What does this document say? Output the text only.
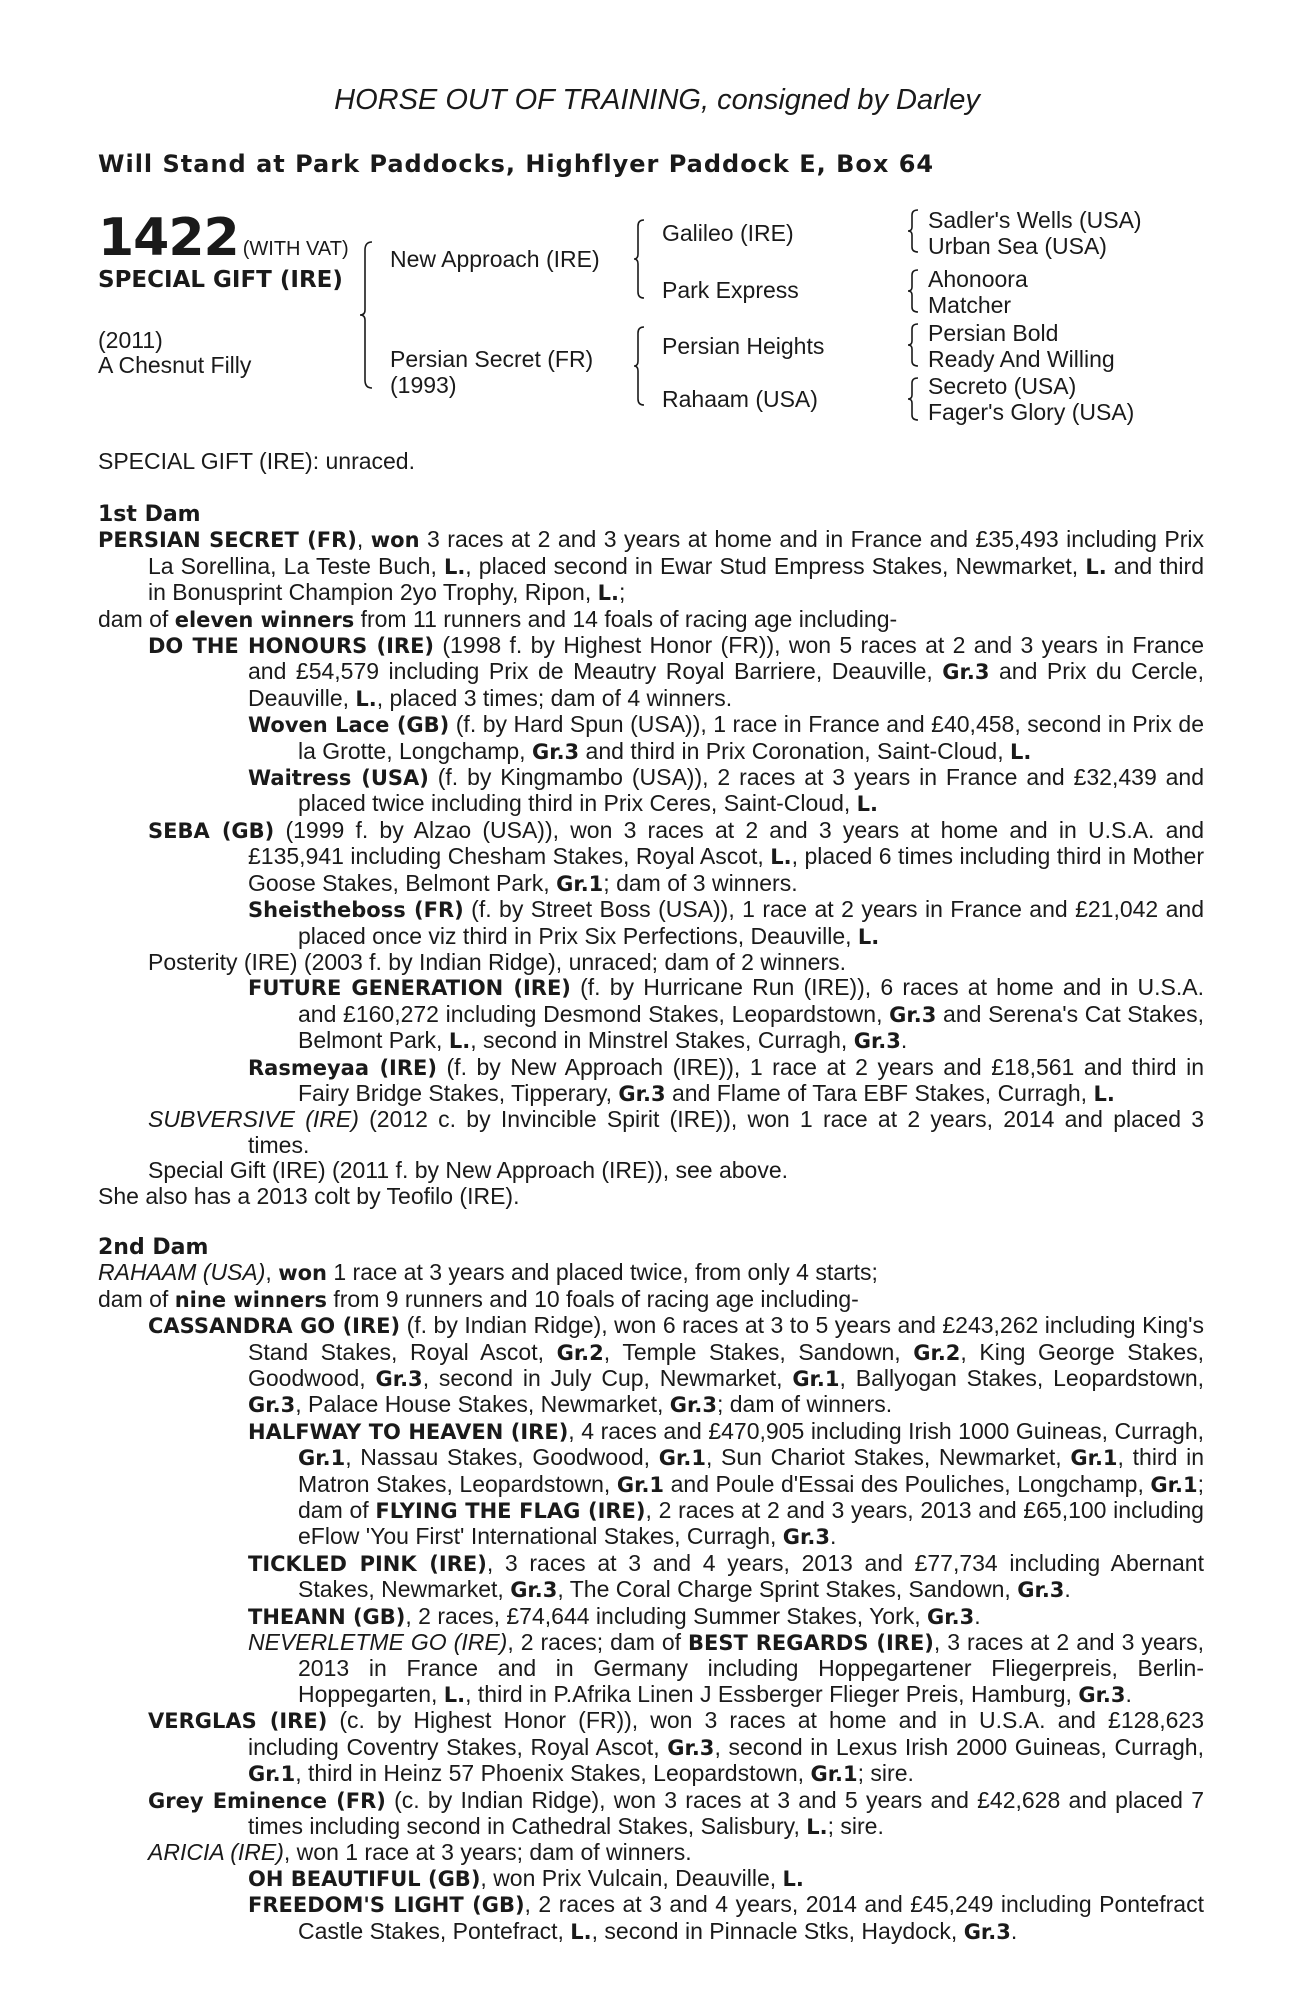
HORSE OUT OF TRAINING, consigned by Darley
Will Stand at Park Paddocks, Highflyer Paddock E, Box 64
1422 (WITH VAT)
SPECIAL GIFT (IRE)
(2011)
A Chesnut Filly
New Approach (IRE)
Persian Secret (FR)
(1993)
Galileo (IRE)
Park Express
Persian Heights
Rahaam (USA)
Sadler's Wells (USA)
Urban Sea (USA)
Ahonoora
Matcher
Persian Bold
Ready And Willing
Secreto (USA)
Fager's Glory (USA)
SPECIAL GIFT (IRE): unraced.
1st Dam
PERSIAN SECRET (FR), won 3 races at 2 and 3 years at home and in France and £35,493 including Prix La Sorellina, La Teste Buch, L., placed second in Ewar Stud Empress Stakes, Newmarket, L. and third in Bonusprint Champion 2yo Trophy, Ripon, L.;
dam of eleven winners from 11 runners and 14 foals of racing age including-
DO THE HONOURS (IRE) (1998 f. by Highest Honor (FR)), won 5 races at 2 and 3 years in France and £54,579 including Prix de Meautry Royal Barriere, Deauville, Gr.3 and Prix du Cercle, Deauville, L., placed 3 times; dam of 4 winners.
Woven Lace (GB) (f. by Hard Spun (USA)), 1 race in France and £40,458, second in Prix de la Grotte, Longchamp, Gr.3 and third in Prix Coronation, Saint-Cloud, L.
Waitress (USA) (f. by Kingmambo (USA)), 2 races at 3 years in France and £32,439 and placed twice including third in Prix Ceres, Saint-Cloud, L.
SEBA (GB) (1999 f. by Alzao (USA)), won 3 races at 2 and 3 years at home and in U.S.A. and £135,941 including Chesham Stakes, Royal Ascot, L., placed 6 times including third in Mother Goose Stakes, Belmont Park, Gr.1; dam of 3 winners.
Sheistheboss (FR) (f. by Street Boss (USA)), 1 race at 2 years in France and £21,042 and placed once viz third in Prix Six Perfections, Deauville, L.
Posterity (IRE) (2003 f. by Indian Ridge), unraced; dam of 2 winners.
FUTURE GENERATION (IRE) (f. by Hurricane Run (IRE)), 6 races at home and in U.S.A. and £160,272 including Desmond Stakes, Leopardstown, Gr.3 and Serena's Cat Stakes, Belmont Park, L., second in Minstrel Stakes, Curragh, Gr.3.
Rasmeyaa (IRE) (f. by New Approach (IRE)), 1 race at 2 years and £18,561 and third in Fairy Bridge Stakes, Tipperary, Gr.3 and Flame of Tara EBF Stakes, Curragh, L.
SUBVERSIVE (IRE) (2012 c. by Invincible Spirit (IRE)), won 1 race at 2 years, 2014 and placed 3 times.
Special Gift (IRE) (2011 f. by New Approach (IRE)), see above.
She also has a 2013 colt by Teofilo (IRE).
2nd Dam
RAHAAM (USA), won 1 race at 3 years and placed twice, from only 4 starts;
dam of nine winners from 9 runners and 10 foals of racing age including-
CASSANDRA GO (IRE) (f. by Indian Ridge), won 6 races at 3 to 5 years and £243,262 including King's Stand Stakes, Royal Ascot, Gr.2, Temple Stakes, Sandown, Gr.2, King George Stakes, Goodwood, Gr.3, second in July Cup, Newmarket, Gr.1, Ballyogan Stakes, Leopardstown, Gr.3, Palace House Stakes, Newmarket, Gr.3; dam of winners.
HALFWAY TO HEAVEN (IRE), 4 races and £470,905 including Irish 1000 Guineas, Curragh, Gr.1, Nassau Stakes, Goodwood, Gr.1, Sun Chariot Stakes, Newmarket, Gr.1, third in Matron Stakes, Leopardstown, Gr.1 and Poule d'Essai des Pouliches, Longchamp, Gr.1; dam of FLYING THE FLAG (IRE), 2 races at 2 and 3 years, 2013 and £65,100 including eFlow 'You First' International Stakes, Curragh, Gr.3.
TICKLED PINK (IRE), 3 races at 3 and 4 years, 2013 and £77,734 including Abernant Stakes, Newmarket, Gr.3, The Coral Charge Sprint Stakes, Sandown, Gr.3.
THEANN (GB), 2 races, £74,644 including Summer Stakes, York, Gr.3.
NEVERLETME GO (IRE), 2 races; dam of BEST REGARDS (IRE), 3 races at 2 and 3 years, 2013 in France and in Germany including Hoppegartener Fliegerpreis, Berlin-Hoppegarten, L., third in P.Afrika Linen J Essberger Flieger Preis, Hamburg, Gr.3.
VERGLAS (IRE) (c. by Highest Honor (FR)), won 3 races at home and in U.S.A. and £128,623 including Coventry Stakes, Royal Ascot, Gr.3, second in Lexus Irish 2000 Guineas, Curragh, Gr.1, third in Heinz 57 Phoenix Stakes, Leopardstown, Gr.1; sire.
Grey Eminence (FR) (c. by Indian Ridge), won 3 races at 3 and 5 years and £42,628 and placed 7 times including second in Cathedral Stakes, Salisbury, L.; sire.
ARICIA (IRE), won 1 race at 3 years; dam of winners.
OH BEAUTIFUL (GB), won Prix Vulcain, Deauville, L.
FREEDOM'S LIGHT (GB), 2 races at 3 and 4 years, 2014 and £45,249 including Pontefract Castle Stakes, Pontefract, L., second in Pinnacle Stks, Haydock, Gr.3.
